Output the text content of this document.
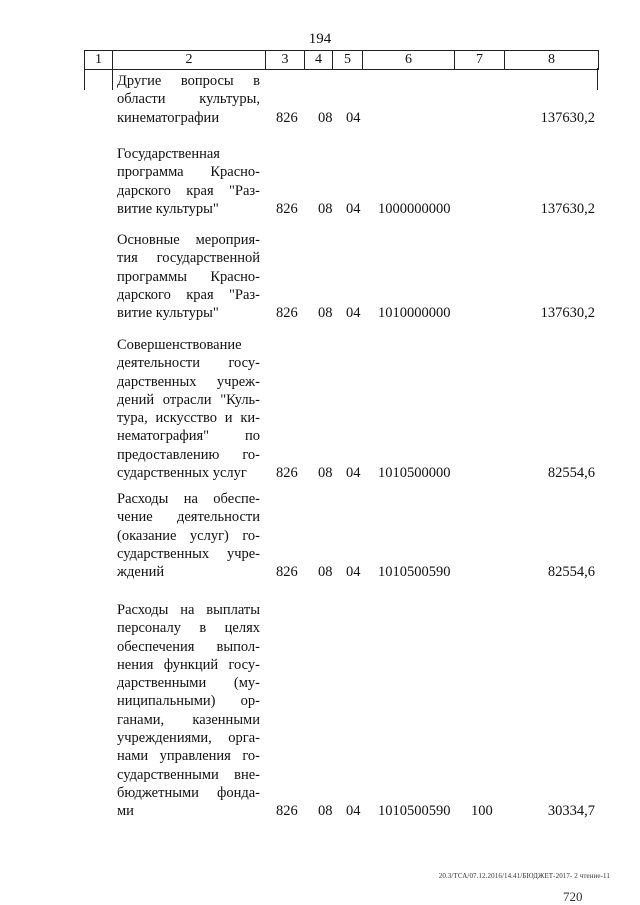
194
1	2	3	4	5	6	7	8
Другие вопросы в
области культуры,
кинематографии	826 08 04	137630,2
Государственная
программа Красно-
дарского края "Раз-
витие культуры"	826 08 04 1000000000	137630,2
Основные мероприя-
тия государственной
программы Красно-
дарского края "Раз-
витие культуры"	826 08 04 1010000000	137630,2
Совершенствование
деятельности госу-
дарственных учреж-
дений отрасли "Куль-
тура, искусство и ки-
нематография" по
предоставлению го-
сударственных услуг	826 08 04 1010500000	82554,6
Расходы на обеспе-
чение деятельности
(оказание услуг) го-
сударственных учре-
ждений	826 08 04 1010500590	82554,6
Расходы на выплаты
персоналу в целях
обеспечения выпол-
нения функций госу-
дарственными (му-
ниципальными) ор-
ганами, казенными
учреждениями, орга-
нами управления го-
сударственными вне-
бюджетными фонда-
ми	826 08 04 1010500590 100	30334,7
20.3/ТСА/07.12.2016/14.41/БЮДЖЕТ-2017- 2 чтение-11
720
